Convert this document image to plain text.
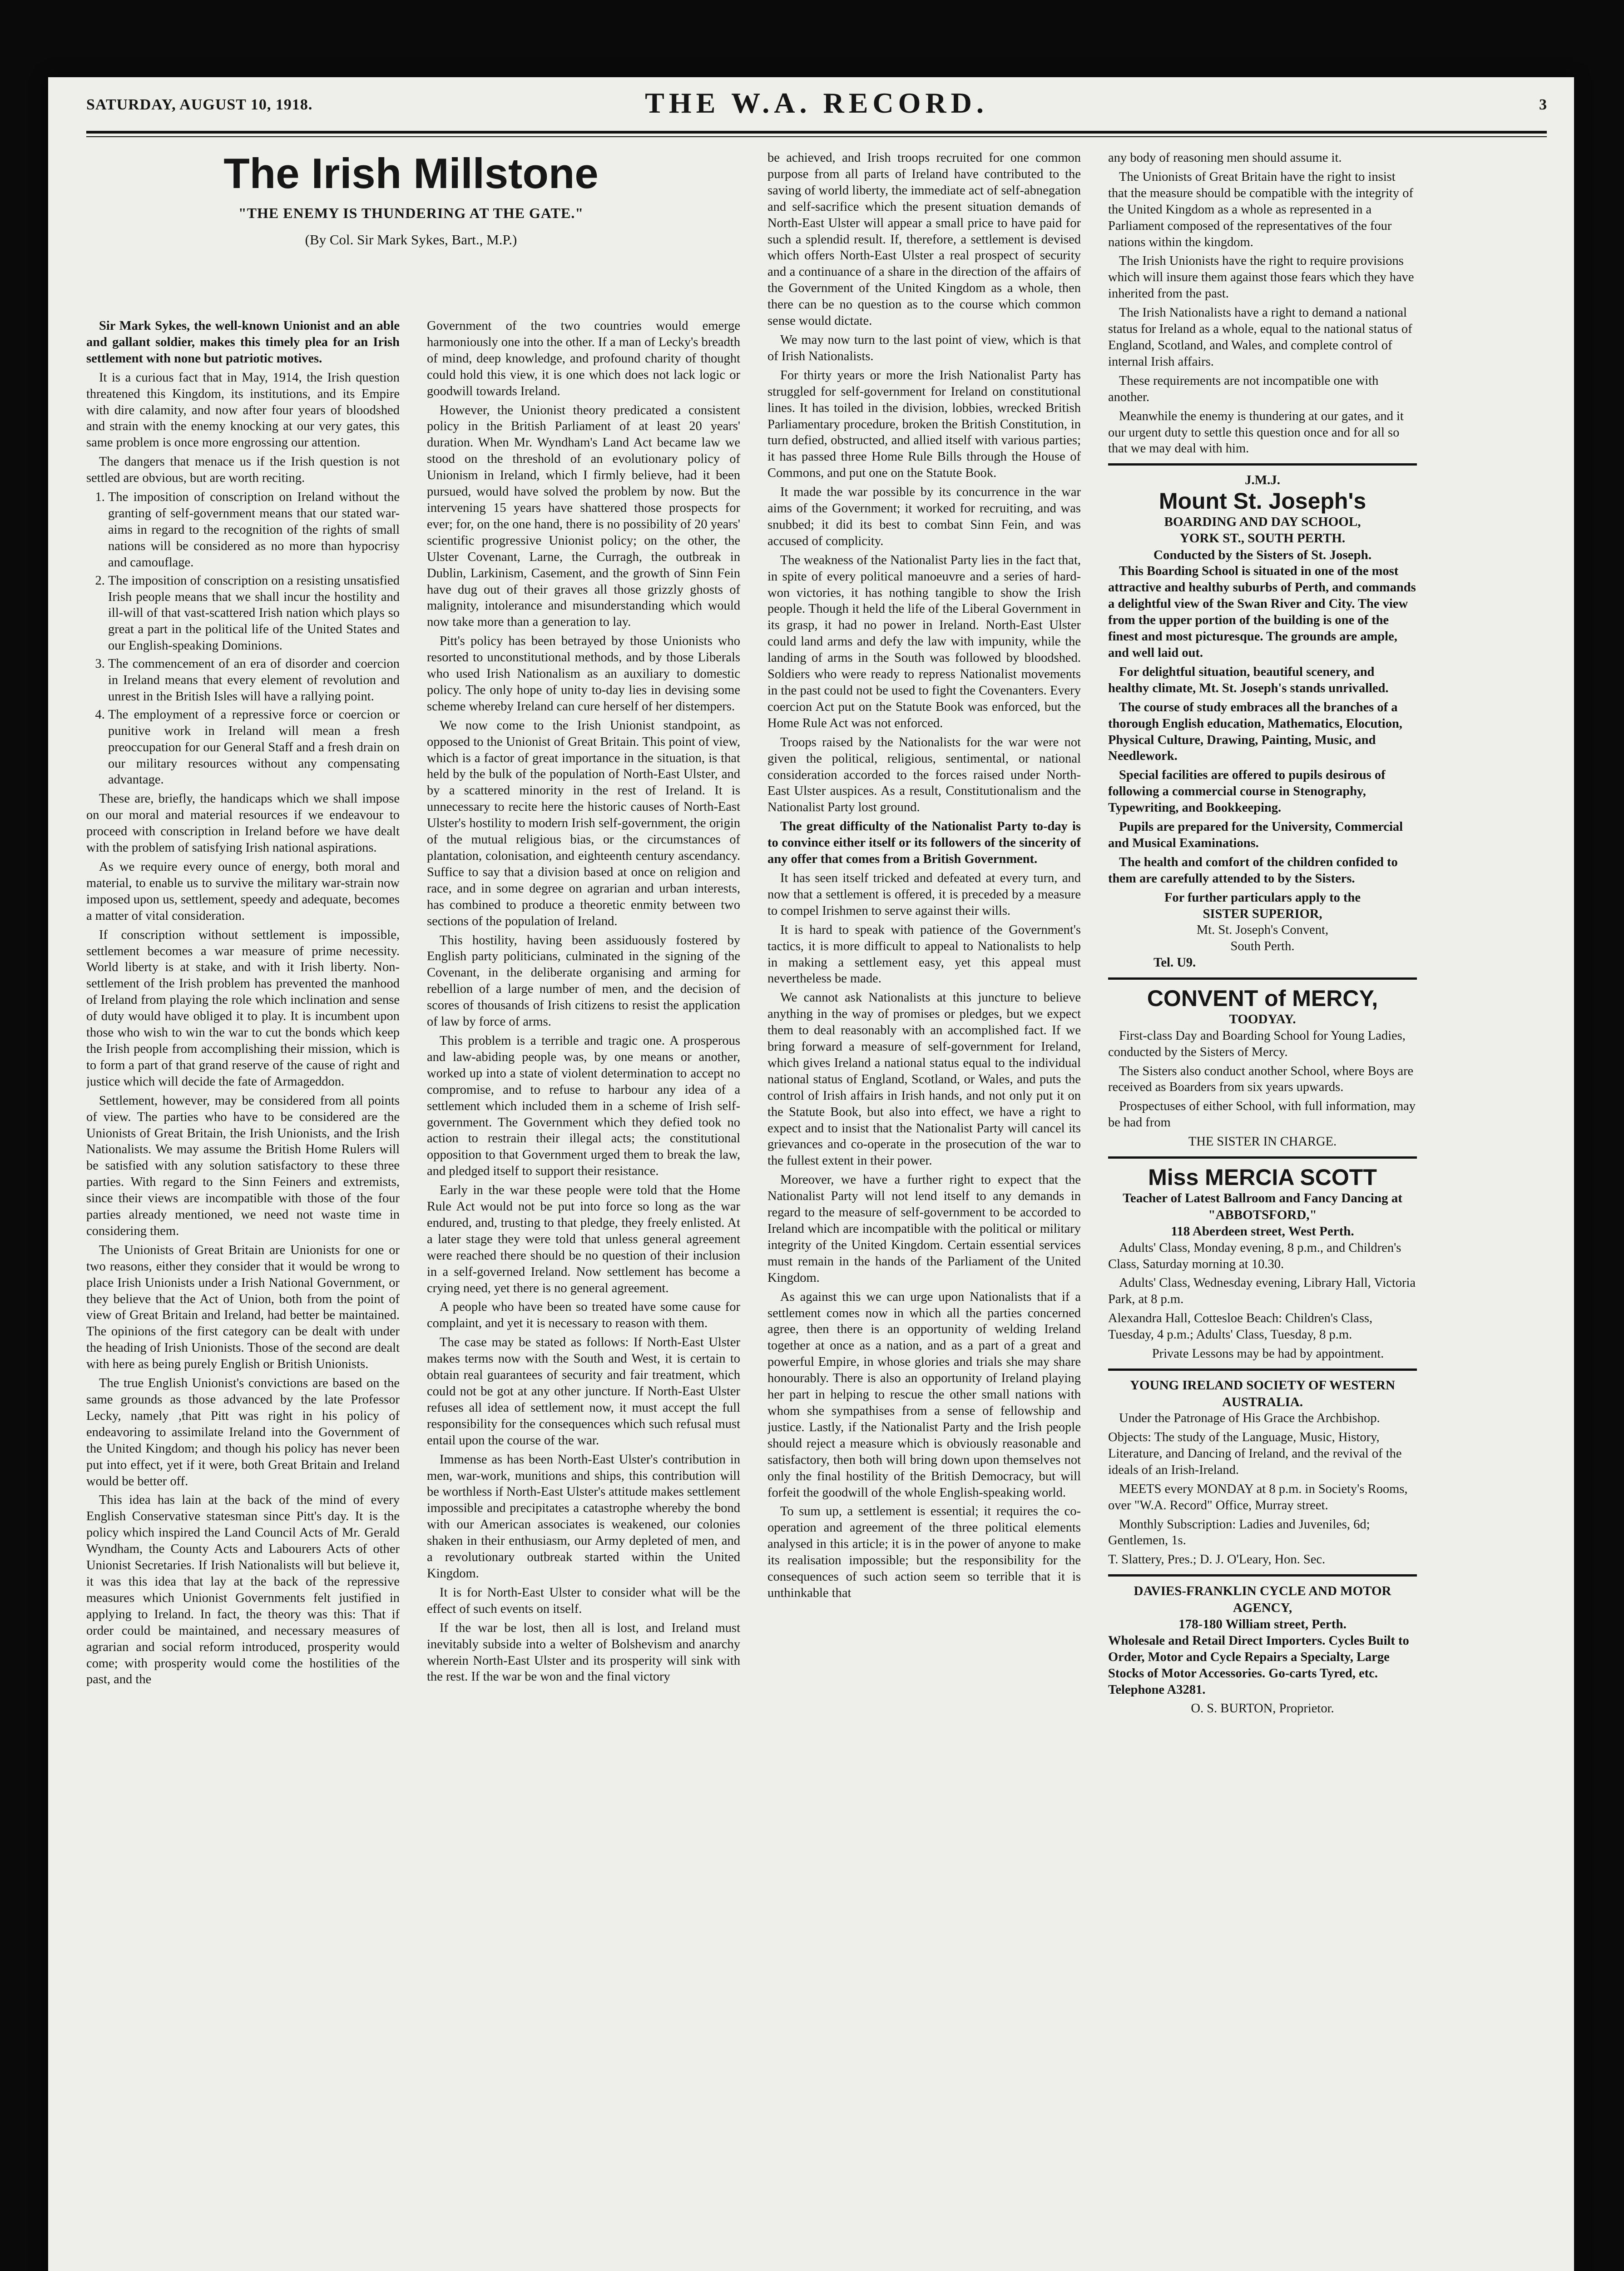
SATURDAY, AUGUST 10, 1918.	THE W.A. RECORD.	3
The Irish Millstone
"THE ENEMY IS THUNDERING AT THE GATE."
(By Col. Sir Mark Sykes, Bart., M.P.)

Sir Mark Sykes, the well-known Unionist and an able and gallant soldier, makes this timely plea for an Irish settlement with none but patriotic motives.

It is a curious fact that in May, 1914, the Irish question threatened this Kingdom, its institutions, and its Empire with dire calamity, and now after four years of bloodshed and strain with the enemy knocking at our very gates, this same problem is once more engrossing our attention.

The dangers that menace us if the Irish question is not settled are obvious, but are worth reciting.

1. The imposition of conscription on Ireland without the granting of self-government means that our stated war-aims in regard to the recognition of the rights of small nations will be considered as no more than hypocrisy and camouflage.
2. The imposition of conscription on a resisting unsatisfied Irish people means that we shall incur the hostility and ill-will of that vast-scattered Irish nation which plays so great a part in the political life of the United States and our English-speaking Dominions.
3. The commencement of an era of disorder and coercion in Ireland means that every element of revolution and unrest in the British Isles will have a rallying point.
4. The employment of a repressive force or coercion or punitive work in Ireland will mean a fresh preoccupation for our General Staff and a fresh drain on our military resources without any compensating advantage.

These are, briefly, the handicaps which we shall impose on our moral and material resources if we endeavour to proceed with conscription in Ireland before we have dealt with the problem of satisfying Irish national aspirations.

As we require every ounce of energy, both moral and material, to enable us to survive the military war-strain now imposed upon us, settlement, speedy and adequate, becomes a matter of vital consideration.

If conscription without settlement is impossible, settlement becomes a war measure of prime necessity. World liberty is at stake, and with it Irish liberty. Non-settlement of the Irish problem has prevented the manhood of Ireland from playing the role which inclination and sense of duty would have obliged it to play. It is incumbent upon those who wish to win the war to cut the bonds which keep the Irish people from accomplishing their mission, which is to form a part of that grand reserve of the cause of right and justice which will decide the fate of Armageddon.

Settlement, however, may be considered from all points of view. The parties who have to be considered are the Unionists of Great Britain, the Irish Unionists, and the Irish Nationalists. We may assume the British Home Rulers will be satisfied with any solution satisfactory to these three parties. With regard to the Sinn Feiners and extremists, since their views are incompatible with those of the four parties already mentioned, we need not waste time in considering them.

The Unionists of Great Britain are Unionists for one or two reasons, either they consider that it would be wrong to place Irish Unionists under a Irish National Government, or they believe that the Act of Union, both from the point of view of Great Britain and Ireland, had better be maintained. The opinions of the first category can be dealt with under the heading of Irish Unionists. Those of the second are dealt with here as being purely English or British Unionists.

The true English Unionist's convictions are based on the same grounds as those advanced by the late Professor Lecky, namely ,that Pitt was right in his policy of endeavoring to assimilate Ireland into the Government of the United Kingdom; and though his policy has never been put into effect, yet if it were, both Great Britain and Ireland would be better off.

This idea has lain at the back of the mind of every English Conservative statesman since Pitt's day. It is the policy which inspired the Land Council Acts of Mr. Gerald Wyndham, the County Acts and Labourers Acts of other Unionist Secretaries. If Irish Nationalists will but believe it, it was this idea that lay at the back of the repressive measures which Unionist Governments felt justified in applying to Ireland. In fact, the theory was this: That if order could be maintained, and necessary measures of agrarian and social reform introduced, prosperity would come; with prosperity would come the hostilities of the past, and the

Government of the two countries would emerge harmoniously one into the other. If a man of Lecky's breadth of mind, deep knowledge, and profound charity of thought could hold this view, it is one which does not lack logic or goodwill towards Ireland.

However, the Unionist theory predicated a consistent policy in the British Parliament of at least 20 years' duration. When Mr. Wyndham's Land Act became law we stood on the threshold of an evolutionary policy of Unionism in Ireland, which I firmly believe, had it been pursued, would have solved the problem by now. But the intervening 15 years have shattered those prospects for ever; for, on the one hand, there is no possibility of 20 years' scientific progressive Unionist policy; on the other, the Ulster Covenant, Larne, the Curragh, the outbreak in Dublin, Larkinism, Casement, and the growth of Sinn Fein have dug out of their graves all those grizzly ghosts of malignity, intolerance and misunderstanding which would now take more than a generation to lay.

Pitt's policy has been betrayed by those Unionists who resorted to unconstitutional methods, and by those Liberals who used Irish Nationalism as an auxiliary to domestic policy. The only hope of unity to-day lies in devising some scheme whereby Ireland can cure herself of her distempers.

We now come to the Irish Unionist standpoint, as opposed to the Unionist of Great Britain. This point of view, which is a factor of great importance in the situation, is that held by the bulk of the population of North-East Ulster, and by a scattered minority in the rest of Ireland. It is unnecessary to recite here the historic causes of North-East Ulster's hostility to modern Irish self-government, the origin of the mutual religious bias, or the circumstances of plantation, colonisation, and eighteenth century ascendancy. Suffice to say that a division based at once on religion and race, and in some degree on agrarian and urban interests, has combined to produce a theoretic enmity between two sections of the population of Ireland.

This hostility, having been assiduously fostered by English party politicians, culminated in the signing of the Covenant, in the deliberate organising and arming for rebellion of a large number of men, and the decision of scores of thousands of Irish citizens to resist the application of law by force of arms.

This problem is a terrible and tragic one. A prosperous and law-abiding people was, by one means or another, worked up into a state of violent determination to accept no compromise, and to refuse to harbour any idea of a settlement which included them in a scheme of Irish self-government. The Government which they defied took no action to restrain their illegal acts; the constitutional opposition to that Government urged them to break the law, and pledged itself to support their resistance.

Early in the war these people were told that the Home Rule Act would not be put into force so long as the war endured, and, trusting to that pledge, they freely enlisted. At a later stage they were told that unless general agreement were reached there should be no question of their inclusion in a self-governed Ireland. Now settlement has become a crying need, yet there is no general agreement.

A people who have been so treated have some cause for complaint, and yet it is necessary to reason with them.

The case may be stated as follows: If North-East Ulster makes terms now with the South and West, it is certain to obtain real guarantees of security and fair treatment, which could not be got at any other juncture. If North-East Ulster refuses all idea of settlement now, it must accept the full responsibility for the consequences which such refusal must entail upon the course of the war.

Immense as has been North-East Ulster's contribution in men, war-work, munitions and ships, this contribution will be worthless if North-East Ulster's attitude makes settlement impossible and precipitates a catastrophe whereby the bond with our American associates is weakened, our colonies shaken in their enthusiasm, our Army depleted of men, and a revolutionary outbreak started within the United Kingdom.

It is for North-East Ulster to consider what will be the effect of such events on itself.

If the war be lost, then all is lost, and Ireland must inevitably subside into a welter of Bolshevism and anarchy wherein North-East Ulster and its prosperity will sink with the rest. If the war be won and the final victory

be achieved, and Irish troops recruited for one common purpose from all parts of Ireland have contributed to the saving of world liberty, the immediate act of self-abnegation and self-sacrifice which the present situation demands of North-East Ulster will appear a small price to have paid for such a splendid result. If, therefore, a settlement is devised which offers North-East Ulster a real prospect of security and a continuance of a share in the direction of the affairs of the Government of the United Kingdom as a whole, then there can be no question as to the course which common sense would dictate.

We may now turn to the last point of view, which is that of Irish Nationalists.

For thirty years or more the Irish Nationalist Party has struggled for self-government for Ireland on constitutional lines. It has toiled in the division, lobbies, wrecked British Parliamentary procedure, broken the British Constitution, in turn defied, obstructed, and allied itself with various parties; it has passed three Home Rule Bills through the House of Commons, and put one on the Statute Book.

It made the war possible by its concurrence in the war aims of the Government; it worked for recruiting, and was snubbed; it did its best to combat Sinn Fein, and was accused of complicity.

The weakness of the Nationalist Party lies in the fact that, in spite of every political manoeuvre and a series of hard-won victories, it has nothing tangible to show the Irish people. Though it held the life of the Liberal Government in its grasp, it had no power in Ireland. North-East Ulster could land arms and defy the law with impunity, while the landing of arms in the South was followed by bloodshed. Soldiers who were ready to repress Nationalist movements in the past could not be used to fight the Covenanters. Every coercion Act put on the Statute Book was enforced, but the Home Rule Act was not enforced.

Troops raised by the Nationalists for the war were not given the political, religious, sentimental, or national consideration accorded to the forces raised under North-East Ulster auspices. As a result, Constitutionalism and the Nationalist Party lost ground.

The great difficulty of the Nationalist Party to-day is to convince either itself or its followers of the sincerity of any offer that comes from a British Government.

It has seen itself tricked and defeated at every turn, and now that a settlement is offered, it is preceded by a measure to compel Irishmen to serve against their wills.

It is hard to speak with patience of the Government's tactics, it is more difficult to appeal to Nationalists to help in making a settlement easy, yet this appeal must nevertheless be made.

We cannot ask Nationalists at this juncture to believe anything in the way of promises or pledges, but we expect them to deal reasonably with an accomplished fact. If we bring forward a measure of self-government for Ireland, which gives Ireland a national status equal to the individual national status of England, Scotland, or Wales, and puts the control of Irish affairs in Irish hands, and not only put it on the Statute Book, but also into effect, we have a right to expect and to insist that the Nationalist Party will cancel its grievances and co-operate in the prosecution of the war to the fullest extent in their power.

Moreover, we have a further right to expect that the Nationalist Party will not lend itself to any demands in regard to the measure of self-government to be accorded to Ireland which are incompatible with the political or military integrity of the United Kingdom. Certain essential services must remain in the hands of the Parliament of the United Kingdom.

As against this we can urge upon Nationalists that if a settlement comes now in which all the parties concerned agree, then there is an opportunity of welding Ireland together at once as a nation, and as a part of a great and powerful Empire, in whose glories and trials she may share honourably. There is also an opportunity of Ireland playing her part in helping to rescue the other small nations with whom she sympathises from a sense of fellowship and justice. Lastly, if the Nationalist Party and the Irish people should reject a measure which is obviously reasonable and satisfactory, then both will bring down upon themselves not only the final hostility of the British Democracy, but will forfeit the goodwill of the whole English-speaking world.

To sum up, a settlement is essential; it requires the co-operation and agreement of the three political elements analysed in this article; it is in the power of anyone to make its realisation impossible; but the responsibility for the consequences of such action seem so terrible that it is unthinkable that

any body of reasoning men should assume it.

The Unionists of Great Britain have the right to insist that the measure should be compatible with the integrity of the United Kingdom as a whole as represented in a Parliament composed of the representatives of the four nations within the kingdom.

The Irish Unionists have the right to require provisions which will insure them against those fears which they have inherited from the past.

The Irish Nationalists have a right to demand a national status for Ireland as a whole, equal to the national status of England, Scotland, and Wales, and complete control of internal Irish affairs.

These requirements are not incompatible one with another.

Meanwhile the enemy is thundering at our gates, and it our urgent duty to settle this question once and for all so that we may deal with him.

J.M.J.
Mount St. Joseph's
BOARDING AND DAY SCHOOL,
YORK ST., SOUTH PERTH.
Conducted by the Sisters of St. Joseph.

This Boarding School is situated in one of the most attractive and healthy suburbs of Perth, and commands a delightful view of the Swan River and City. The view from the upper portion of the building is one of the finest and most picturesque. The grounds are ample, and well laid out.

For delightful situation, beautiful scenery, and healthy climate, Mt. St. Joseph's stands unrivalled.

The course of study embraces all the branches of a thorough English education, Mathematics, Elocution, Physical Culture, Drawing, Painting, Music, and Needlework.

Special facilities are offered to pupils desirous of following a commercial course in Stenography, Typewriting, and Bookkeeping.

Pupils are prepared for the University, Commercial and Musical Examinations.

The health and comfort of the children confided to them are carefully attended to by the Sisters.

For further particulars apply to the
SISTER SUPERIOR,
Mt. St. Joseph's Convent,
South Perth.
Tel. U9.
CONVENT of MERCY,
TOODYAY.

First-class Day and Boarding School for Young Ladies, conducted by the Sisters of Mercy.

The Sisters also conduct another School, where Boys are received as Boarders from six years upwards.

Prospectuses of either School, with full information, may be had from

THE SISTER IN CHARGE.
Miss MERCIA SCOTT
Teacher of Latest Ballroom and Fancy Dancing at
"ABBOTSFORD,"
118 Aberdeen street, West Perth.

Adults' Class, Monday evening, 8 p.m., and Children's Class, Saturday morning at 10.30.

Adults' Class, Wednesday evening, Library Hall, Victoria Park, at 8 p.m.

Alexandra Hall, Cottesloe Beach: Children's Class, Tuesday, 4 p.m.; Adults' Class, Tuesday, 8 p.m.

Private Lessons may be had by appointment.

YOUNG IRELAND SOCIETY OF WESTERN AUSTRALIA.

Under the Patronage of His Grace the Archbishop.

Objects: The study of the Language, Music, History, Literature, and Dancing of Ireland, and the revival of the ideals of an Irish-Ireland.

MEETS every MONDAY at 8 p.m. in Society's Rooms, over "W.A. Record" Office, Murray street.

Monthly Subscription: Ladies and Juveniles, 6d; Gentlemen, 1s.

T. Slattery, Pres.; D. J. O'Leary, Hon. Sec.

DAVIES-FRANKLIN CYCLE AND MOTOR AGENCY,
178-180 William street, Perth.

Wholesale and Retail Direct Importers. Cycles Built to Order, Motor and Cycle Repairs a Specialty, Large Stocks of Motor Accessories. Go-carts Tyred, etc. Telephone A3281.

O. S. BURTON, Proprietor.
